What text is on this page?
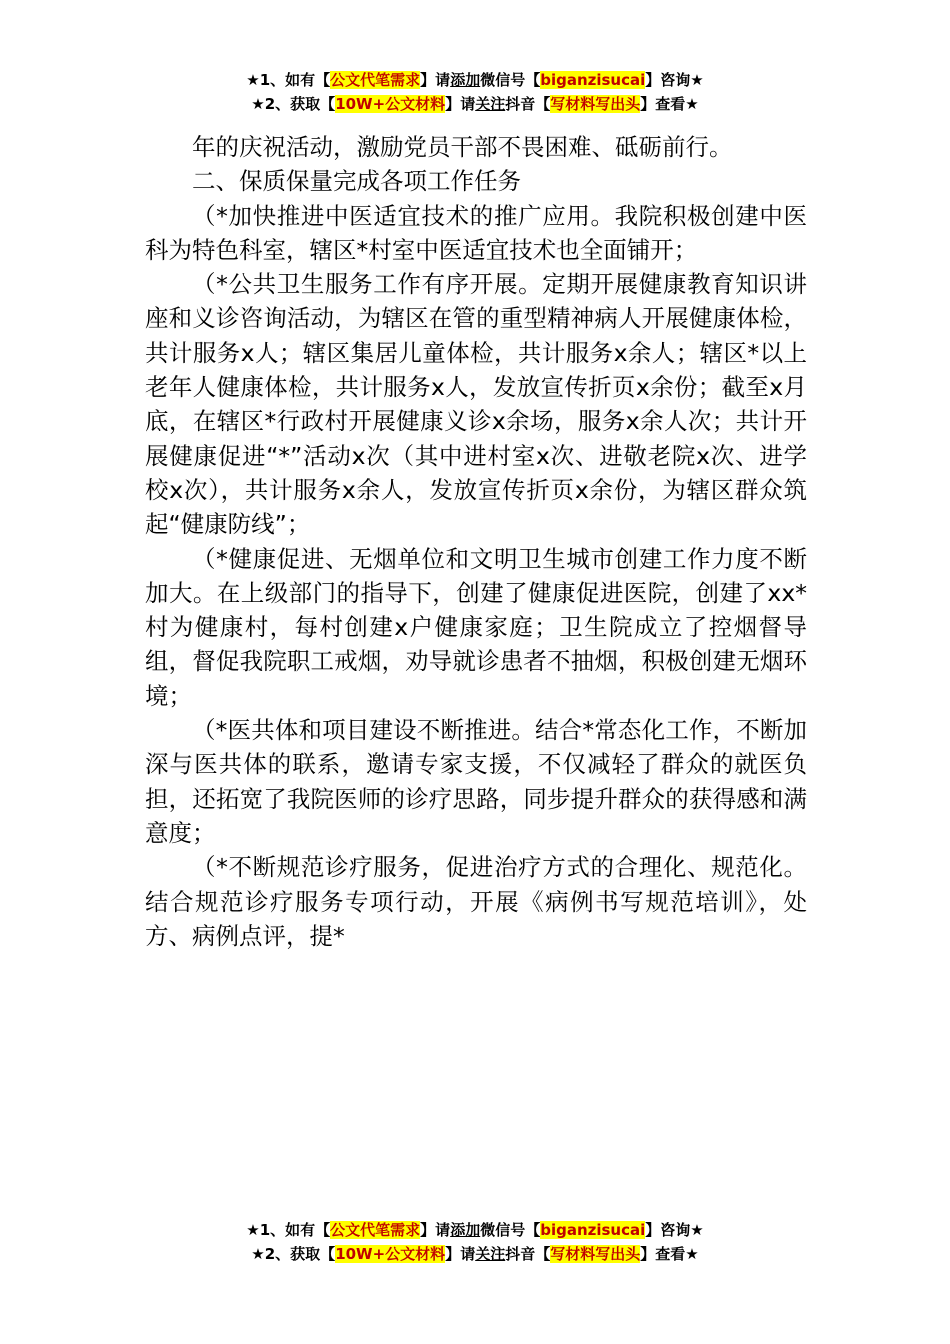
★1、如有【公文代笔需求】请添加微信号【biganzisucai】咨询★
★2、获取【10W+公文材料】请关注抖音【写材料写出头】查看★

年的庆祝活动，激励党员干部不畏困难、砥砺前行。

二、保质保量完成各项工作任务

（*加快推进中医适宜技术的推广应用。我院积极创建中医科为特色科室，辖区*村室中医适宜技术也全面铺开；

（*公共卫生服务工作有序开展。定期开展健康教育知识讲座和义诊咨询活动，为辖区在管的重型精神病人开展健康体检，共计服务x人；辖区集居儿童体检，共计服务x余人；辖区*以上老年人健康体检，共计服务x人，发放宣传折页x余份；截至x月底，在辖区*行政村开展健康义诊x余场，服务x余人次；共计开展健康促进“*”活动x次（其中进村室x次、进敬老院x次、进学校x次），共计服务x余人，发放宣传折页x余份，为辖区群众筑起“健康防线”；

（*健康促进、无烟单位和文明卫生城市创建工作力度不断加大。在上级部门的指导下，创建了健康促进医院，创建了xx*村为健康村，每村创建x户健康家庭；卫生院成立了控烟督导组，督促我院职工戒烟，劝导就诊患者不抽烟，积极创建无烟环境；

（*医共体和项目建设不断推进。结合*常态化工作，不断加深与医共体的联系，邀请专家支援，不仅减轻了群众的就医负担，还拓宽了我院医师的诊疗思路，同步提升群众的获得感和满意度；

（*不断规范诊疗服务，促进治疗方式的合理化、规范化。结合规范诊疗服务专项行动，开展《病例书写规范培训》，处方、病例点评，提*

★1、如有【公文代笔需求】请添加微信号【biganzisucai】咨询★
★2、获取【10W+公文材料】请关注抖音【写材料写出头】查看★
